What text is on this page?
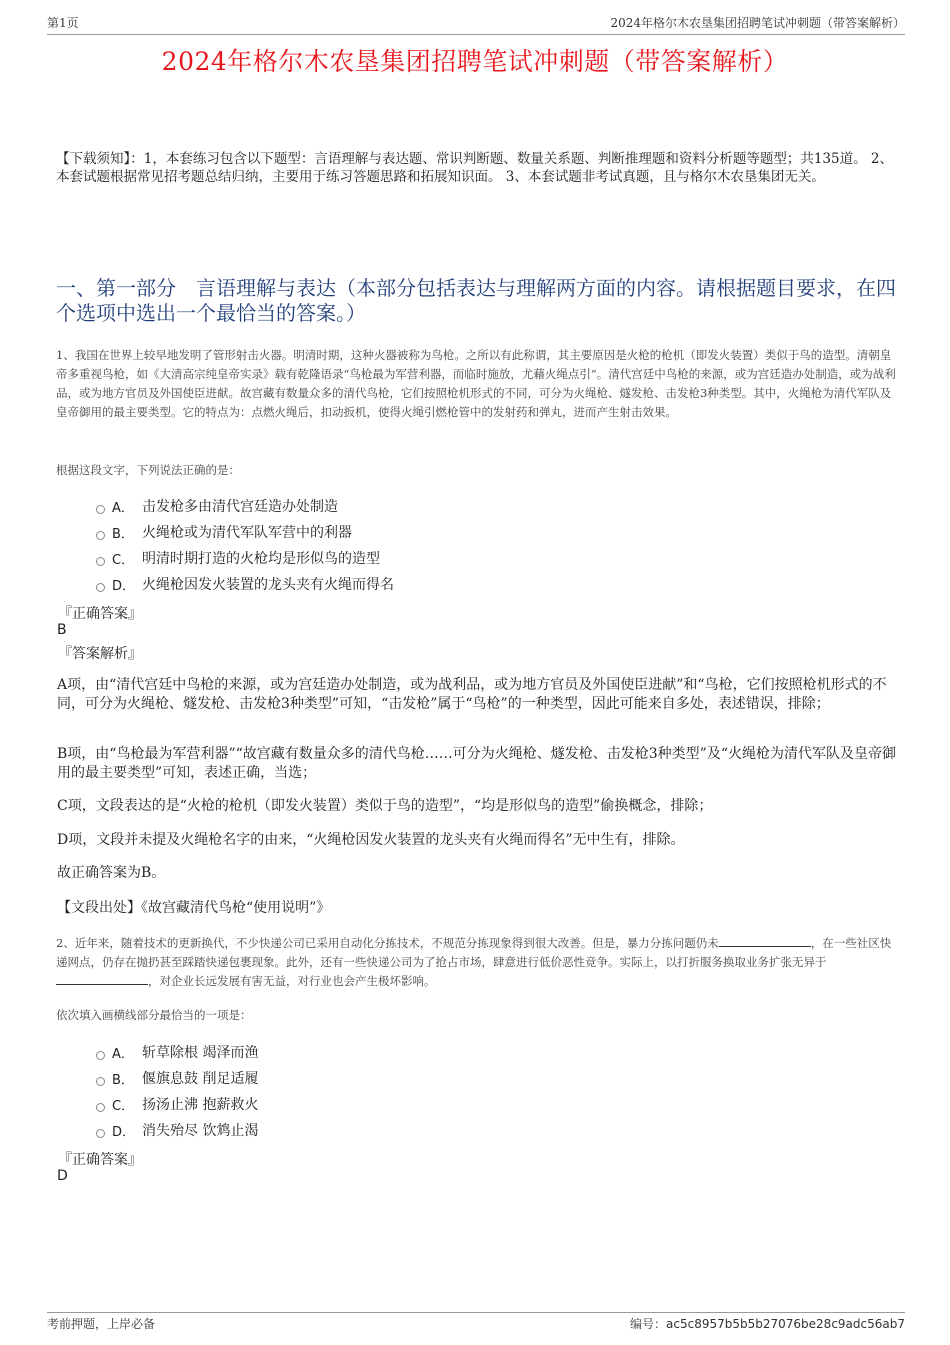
第1页	2024年格尔木农垦集团招聘笔试冲刺题（带答案解析）
2024年格尔木农垦集团招聘笔试冲刺题（带答案解析）
【下载须知】：1，本套练习包含以下题型：言语理解与表达题、常识判断题、数量关系题、判断推理题和资料分析题等题型；共135道。 2、本套试题根据常见招考题总结归纳，主要用于练习答题思路和拓展知识面。 3、本套试题非考试真题，且与格尔木农垦集团无关。
一、第一部分　言语理解与表达（本部分包括表达与理解两方面的内容。请根据题目要求，在四个选项中选出一个最恰当的答案。）
1、我国在世界上较早地发明了管形射击火器。明清时期，这种火器被称为鸟枪。之所以有此称谓，其主要原因是火枪的枪机（即发火装置）类似于鸟的造型。清朝皇帝多重视鸟枪，如《大清高宗纯皇帝实录》载有乾隆语录“鸟枪最为军营利器，而临时施放，尤藉火绳点引”。清代宫廷中鸟枪的来源，或为宫廷造办处制造，或为战利品，或为地方官员及外国使臣进献。故宫藏有数量众多的清代鸟枪，它们按照枪机形式的不同，可分为火绳枪、燧发枪、击发枪3种类型。其中，火绳枪为清代军队及皇帝御用的最主要类型。它的特点为：点燃火绳后，扣动扳机，使得火绳引燃枪管中的发射药和弹丸，进而产生射击效果。
根据这段文字，下列说法正确的是：
A． 击发枪多由清代宫廷造办处制造
B． 火绳枪或为清代军队军营中的利器
C． 明清时期打造的火枪均是形似鸟的造型
D． 火绳枪因发火装置的龙头夹有火绳而得名
『正确答案』
B
『答案解析』
A项，由“清代宫廷中鸟枪的来源，或为宫廷造办处制造，或为战利品，或为地方官员及外国使臣进献”和“鸟枪，它们按照枪机形式的不同，可分为火绳枪、燧发枪、击发枪3种类型”可知，“击发枪”属于“鸟枪”的一种类型，因此可能来自多处，表述错误，排除；
B项，由“鸟枪最为军营利器”“故宫藏有数量众多的清代鸟枪……可分为火绳枪、燧发枪、击发枪3种类型”及“火绳枪为清代军队及皇帝御用的最主要类型”可知，表述正确，当选；
C项，文段表达的是“火枪的枪机（即发火装置）类似于鸟的造型”，“均是形似鸟的造型”偷换概念，排除；
D项，文段并未提及火绳枪名字的由来，“火绳枪因发火装置的龙头夹有火绳而得名”无中生有，排除。
故正确答案为B。
【文段出处】《故宫藏清代鸟枪“使用说明”》
2、近年来，随着技术的更新换代，不少快递公司已采用自动化分拣技术，不规范分拣现象得到很大改善。但是，暴力分拣问题仍未	，在一些社区快递网点，仍存在抛扔甚至踩踏快递包裹现象。此外，还有一些快递公司为了抢占市场，肆意进行低价恶性竞争。实际上，以打折服务换取业务扩张无异于，对企业长远发展有害无益，对行业也会产生极坏影响。
依次填入画横线部分最恰当的一项是：
A． 斩草除根 竭泽而渔
B． 偃旗息鼓 削足适履
C． 扬汤止沸 抱薪救火
D． 消失殆尽 饮鸩止渴
『正确答案』
D
考前押题，上岸必备	编号：ac5c8957b5b5b27076be28c9adc56ab7
